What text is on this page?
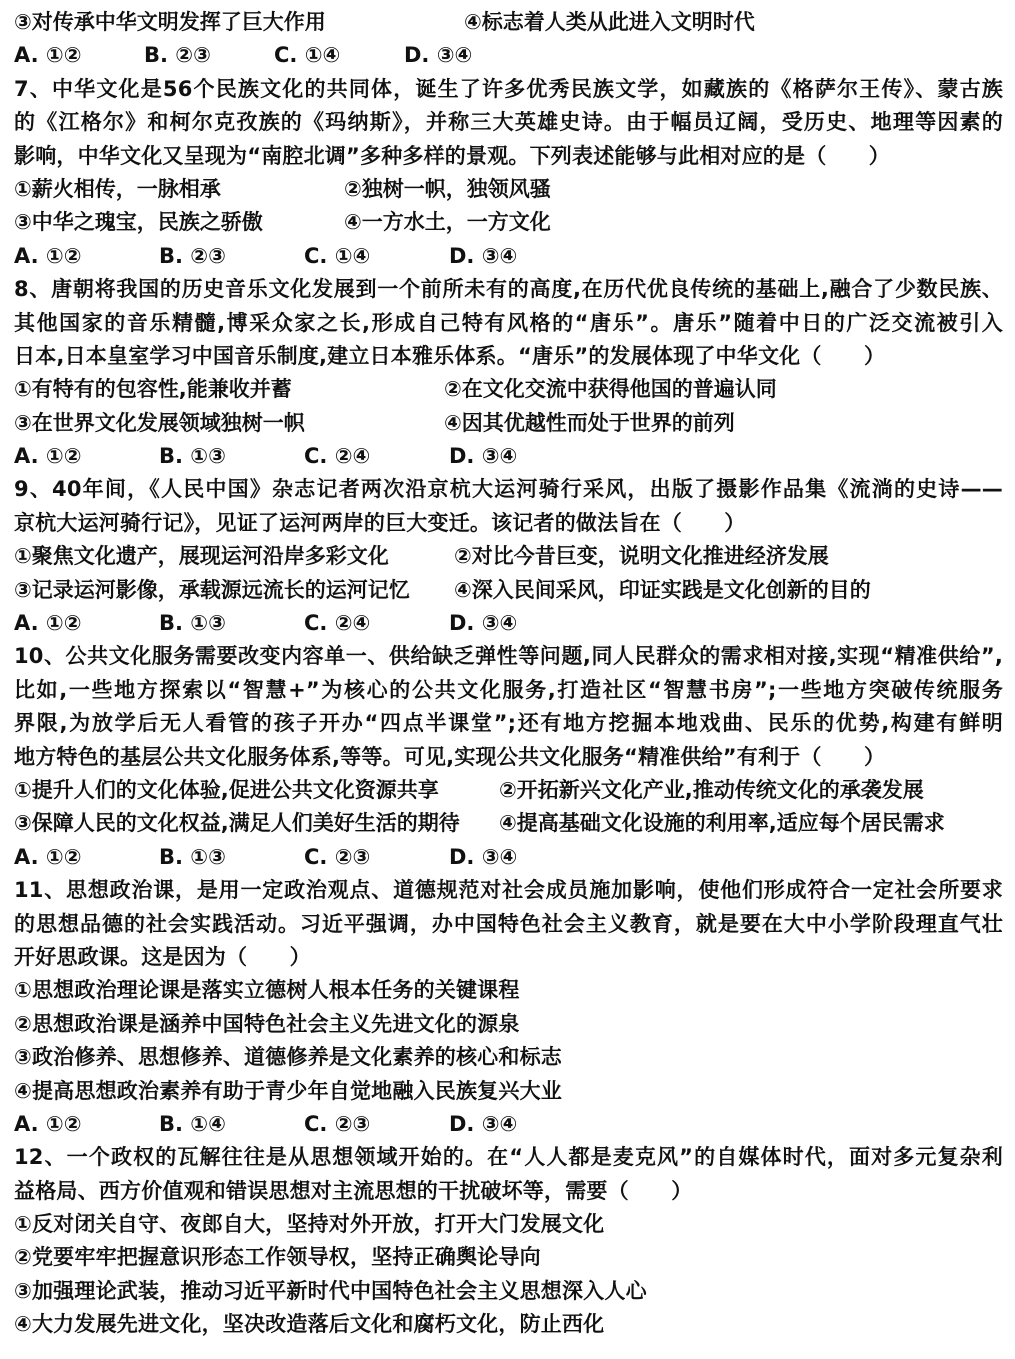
③对传承中华文明发挥了巨大作用	④标志着人类从此进入文明时代
A. ①②	B. ②③	C. ①④	D. ③④
7、中华文化是56个民族文化的共同体，诞生了许多优秀民族文学，如藏族的《格萨尔王传》、蒙古族
的《江格尔》和柯尔克孜族的《玛纳斯》，并称三大英雄史诗。由于幅员辽阔，受历史、地理等因素的
影响，中华文化又呈现为“南腔北调”多种多样的景观。下列表述能够与此相对应的是（　　）
①薪火相传，一脉相承	②独树一帜，独领风骚
③中华之瑰宝，民族之骄傲	④一方水土，一方文化
A. ①②	B. ②③	C. ①④	D. ③④
8、唐朝将我国的历史音乐文化发展到一个前所未有的高度,在历代优良传统的基础上,融合了少数民族、
其他国家的音乐精髓,博采众家之长,形成自己特有风格的“唐乐”。唐乐”随着中日的广泛交流被引入
日本,日本皇室学习中国音乐制度,建立日本雅乐体系。“唐乐”的发展体现了中华文化（　　）
①有特有的包容性,能兼收并蓄	②在文化交流中获得他国的普遍认同
③在世界文化发展领域独树一帜	④因其优越性而处于世界的前列
A. ①②	B. ①③	C. ②④	D. ③④
9、40年间，《人民中国》杂志记者两次沿京杭大运河骑行采风，出版了摄影作品集《流淌的史诗——
京杭大运河骑行记》，见证了运河两岸的巨大变迁。该记者的做法旨在（　　）
①聚焦文化遗产，展现运河沿岸多彩文化	②对比今昔巨变，说明文化推进经济发展
③记录运河影像，承载源远流长的运河记忆	④深入民间采风，印证实践是文化创新的目的
A. ①②	B. ①③	C. ②④	D. ③④
10、公共文化服务需要改变内容单一、供给缺乏弹性等问题,同人民群众的需求相对接,实现“精准供给”,
比如,一些地方探索以“智慧+”为核心的公共文化服务,打造社区“智慧书房”;一些地方突破传统服务
界限,为放学后无人看管的孩子开办“四点半课堂”;还有地方挖掘本地戏曲、民乐的优势,构建有鲜明
地方特色的基层公共文化服务体系,等等。可见,实现公共文化服务“精准供给”有利于（　　）
①提升人们的文化体验,促进公共文化资源共享	②开拓新兴文化产业,推动传统文化的承袭发展
③保障人民的文化权益,满足人们美好生活的期待	④提高基础文化设施的利用率,适应每个居民需求
A. ①②	B. ①③	C. ②③	D. ③④
11、思想政治课，是用一定政治观点、道德规范对社会成员施加影响，使他们形成符合一定社会所要求
的思想品德的社会实践活动。习近平强调，办中国特色社会主义教育，就是要在大中小学阶段理直气壮
开好思政课。这是因为（　　）
①思想政治理论课是落实立德树人根本任务的关键课程
②思想政治课是涵养中国特色社会主义先进文化的源泉
③政治修养、思想修养、道德修养是文化素养的核心和标志
④提高思想政治素养有助于青少年自觉地融入民族复兴大业
A. ①②	B. ①④	C. ②③	D. ③④
12、一个政权的瓦解往往是从思想领域开始的。在“人人都是麦克风”的自媒体时代，面对多元复杂利
益格局、西方价值观和错误思想对主流思想的干扰破坏等，需要（　　）
①反对闭关自守、夜郎自大，坚持对外开放，打开大门发展文化
②党要牢牢把握意识形态工作领导权，坚持正确舆论导向
③加强理论武装，推动习近平新时代中国特色社会主义思想深入人心
④大力发展先进文化，坚决改造落后文化和腐朽文化，防止西化
